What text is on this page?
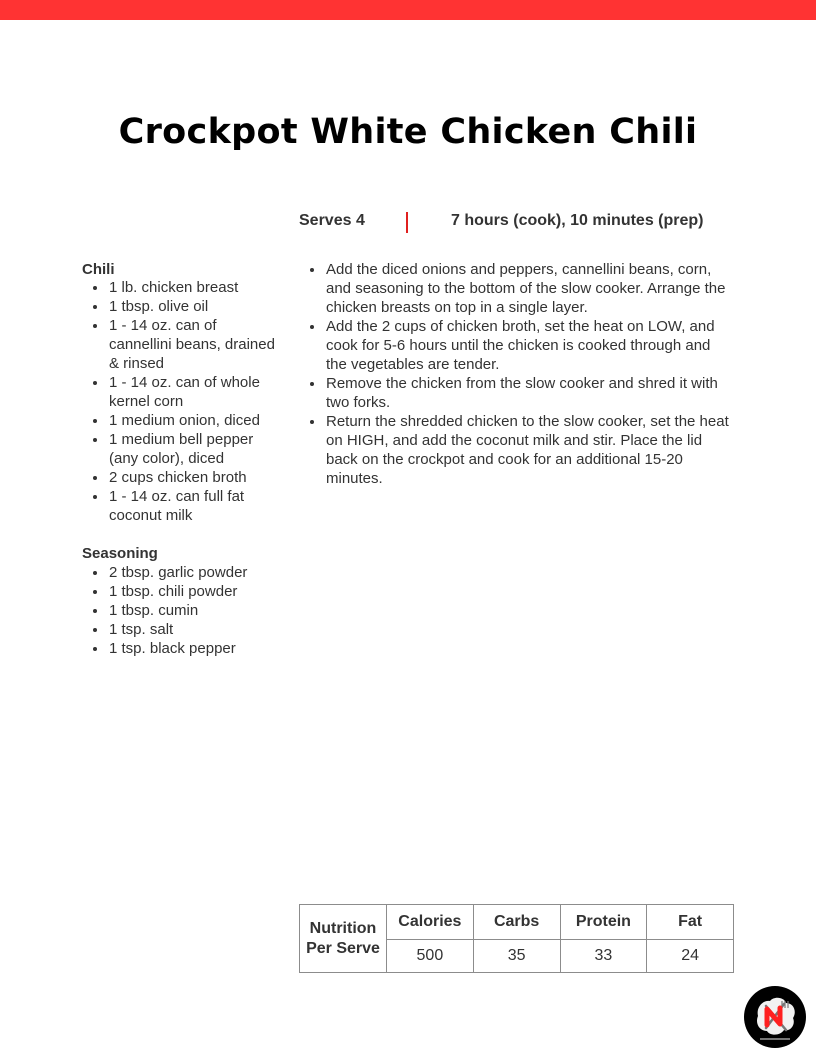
Crockpot White Chicken Chili
Serves 4	7 hours (cook), 10 minutes (prep)
Chili
1 lb. chicken breast
1 tbsp. olive oil
1 - 14 oz. can of cannellini beans, drained & rinsed
1 - 14 oz. can of whole kernel corn
1 medium onion, diced
1 medium bell pepper (any color), diced
2 cups chicken broth
1 - 14 oz. can full fat coconut milk
Seasoning
2 tbsp. garlic powder
1 tbsp. chili powder
1 tbsp. cumin
1 tsp. salt
1 tsp. black pepper
Add the diced onions and peppers, cannellini beans, corn, and seasoning to the bottom of the slow cooker. Arrange the chicken breasts on top in a single layer.
Add the 2 cups of chicken broth, set the heat on LOW, and cook for 5-6 hours until the chicken is cooked through and the vegetables are tender.
Remove the chicken from the slow cooker and shred it with two forks.
Return the shredded chicken to the slow cooker, set the heat on HIGH, and add the coconut milk and stir. Place the lid back on the crockpot and cook for an additional 15-20 minutes.
Nutrition
Per Serve	Calories	Carbs	Protein	Fat
	500	35	33	24
